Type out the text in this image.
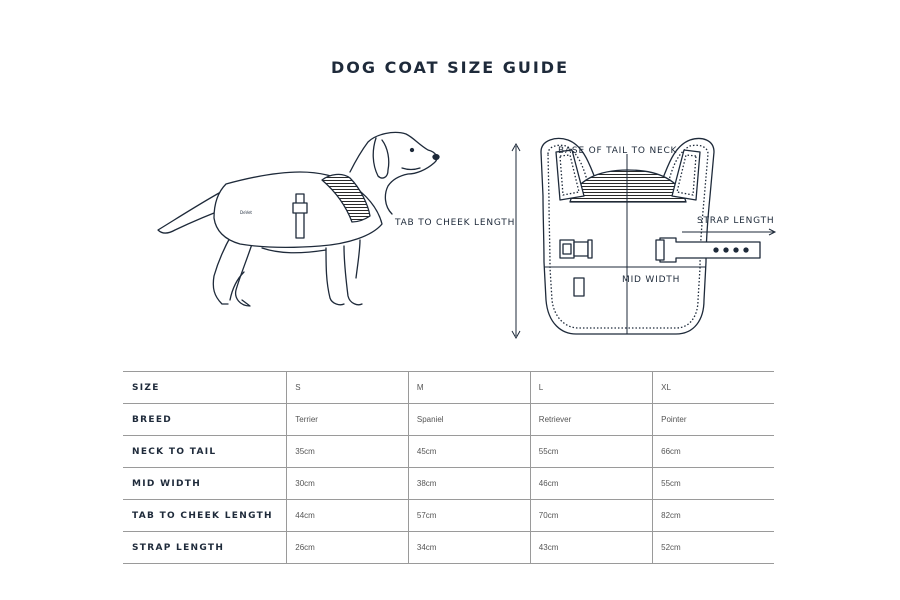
DOG COAT SIZE GUIDE
DeVet
TAB TO CHEEK LENGTH
BASE OF TAIL TO NECK
STRAP LENGTH
MID WIDTH
SIZE	S	M	L	XL
BREED	Terrier	Spaniel	Retriever	Pointer
NECK TO TAIL	35cm	45cm	55cm	66cm
MID WIDTH	30cm	38cm	46cm	55cm
TAB TO CHEEK LENGTH	44cm	57cm	70cm	82cm
STRAP LENGTH	26cm	34cm	43cm	52cm
